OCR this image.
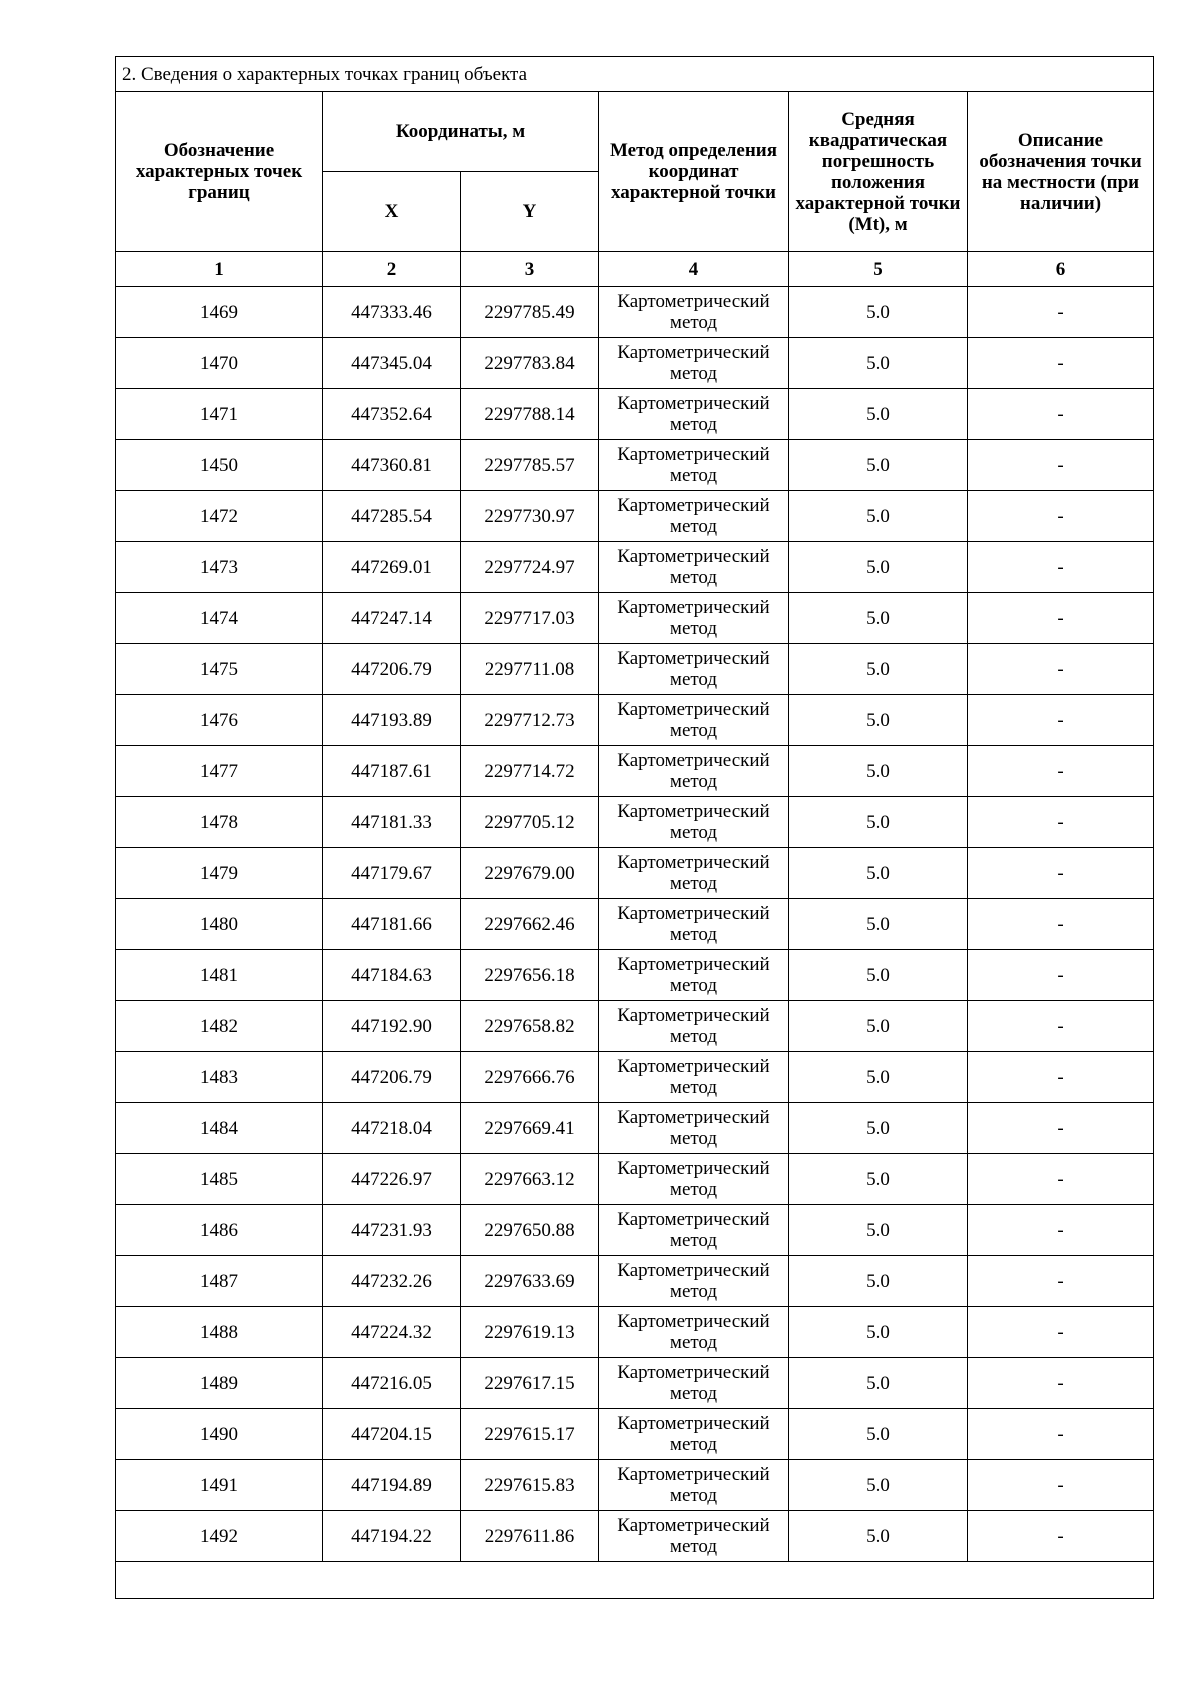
2. Сведения о характерных точках границ объекта					
Обозначение характерных точек границ	Координаты, м		Метод определения координат характерной точки	Средняя квадратическая погрешность положения характерной точки (Mt), м	Описание обозначения точки на местности (при наличии)
	X	Y			
1	2	3	4	5	6
1469	447333.46	2297785.49	Картометрический метод	5.0	-
1470	447345.04	2297783.84	Картометрический метод	5.0	-
1471	447352.64	2297788.14	Картометрический метод	5.0	-
1450	447360.81	2297785.57	Картометрический метод	5.0	-
1472	447285.54	2297730.97	Картометрический метод	5.0	-
1473	447269.01	2297724.97	Картометрический метод	5.0	-
1474	447247.14	2297717.03	Картометрический метод	5.0	-
1475	447206.79	2297711.08	Картометрический метод	5.0	-
1476	447193.89	2297712.73	Картометрический метод	5.0	-
1477	447187.61	2297714.72	Картометрический метод	5.0	-
1478	447181.33	2297705.12	Картометрический метод	5.0	-
1479	447179.67	2297679.00	Картометрический метод	5.0	-
1480	447181.66	2297662.46	Картометрический метод	5.0	-
1481	447184.63	2297656.18	Картометрический метод	5.0	-
1482	447192.90	2297658.82	Картометрический метод	5.0	-
1483	447206.79	2297666.76	Картометрический метод	5.0	-
1484	447218.04	2297669.41	Картометрический метод	5.0	-
1485	447226.97	2297663.12	Картометрический метод	5.0	-
1486	447231.93	2297650.88	Картометрический метод	5.0	-
1487	447232.26	2297633.69	Картометрический метод	5.0	-
1488	447224.32	2297619.13	Картометрический метод	5.0	-
1489	447216.05	2297617.15	Картометрический метод	5.0	-
1490	447204.15	2297615.17	Картометрический метод	5.0	-
1491	447194.89	2297615.83	Картометрический метод	5.0	-
1492	447194.22	2297611.86	Картометрический метод	5.0	-
